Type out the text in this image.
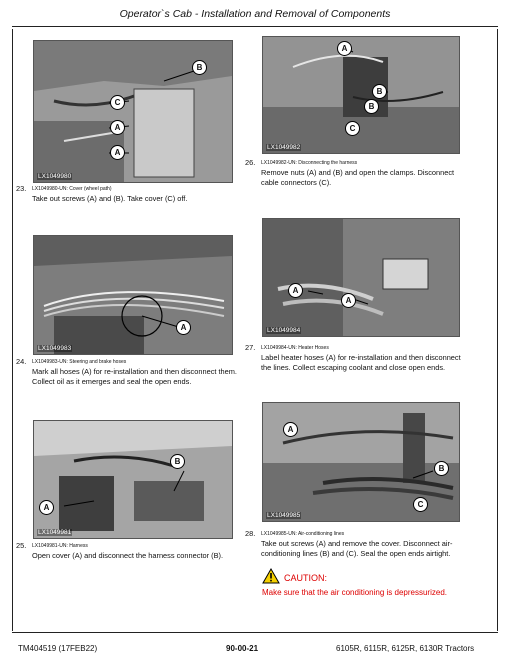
Operator`s Cab - Installation and Removal of Components
LX1049980
B
C
A
A
23. LX1049980-UN: Cover (wheel path)
Take out screws (A) and (B). Take cover (C) off.
LX1049983
A
24. LX1049983-UN: Steering and brake hoses
Mark all hoses (A) for re-installation and then disconnect them.
Collect oil as it emerges and seal the open ends.
LX1049981
A
B
25. LX1049981-UN: Harness
Open cover (A) and disconnect the harness connector (B).
LX1049982
A
B
B
C
26. LX1049982-UN: Disconnecting the harness
Remove nuts (A) and (B) and open the clamps. Disconnect
cable connectors (C).
LX1049984
A
A
27. LX1049984-UN: Heater Hoses
Label heater hoses (A) for re-installation and then disconnect
the lines. Collect escaping coolant and close open ends.
LX1049985
A
B
C
28. LX1049985-UN: Air-conditioning lines
Take out screws (A) and remove the cover. Disconnect air-
conditioning lines (B) and (C). Seal the open ends airtight.
CAUTION:
Make sure that the air conditioning is depressurized.
TM404519 (17FEB22)	90-00-21	6105R, 6115R, 6125R, 6130R Tractors
